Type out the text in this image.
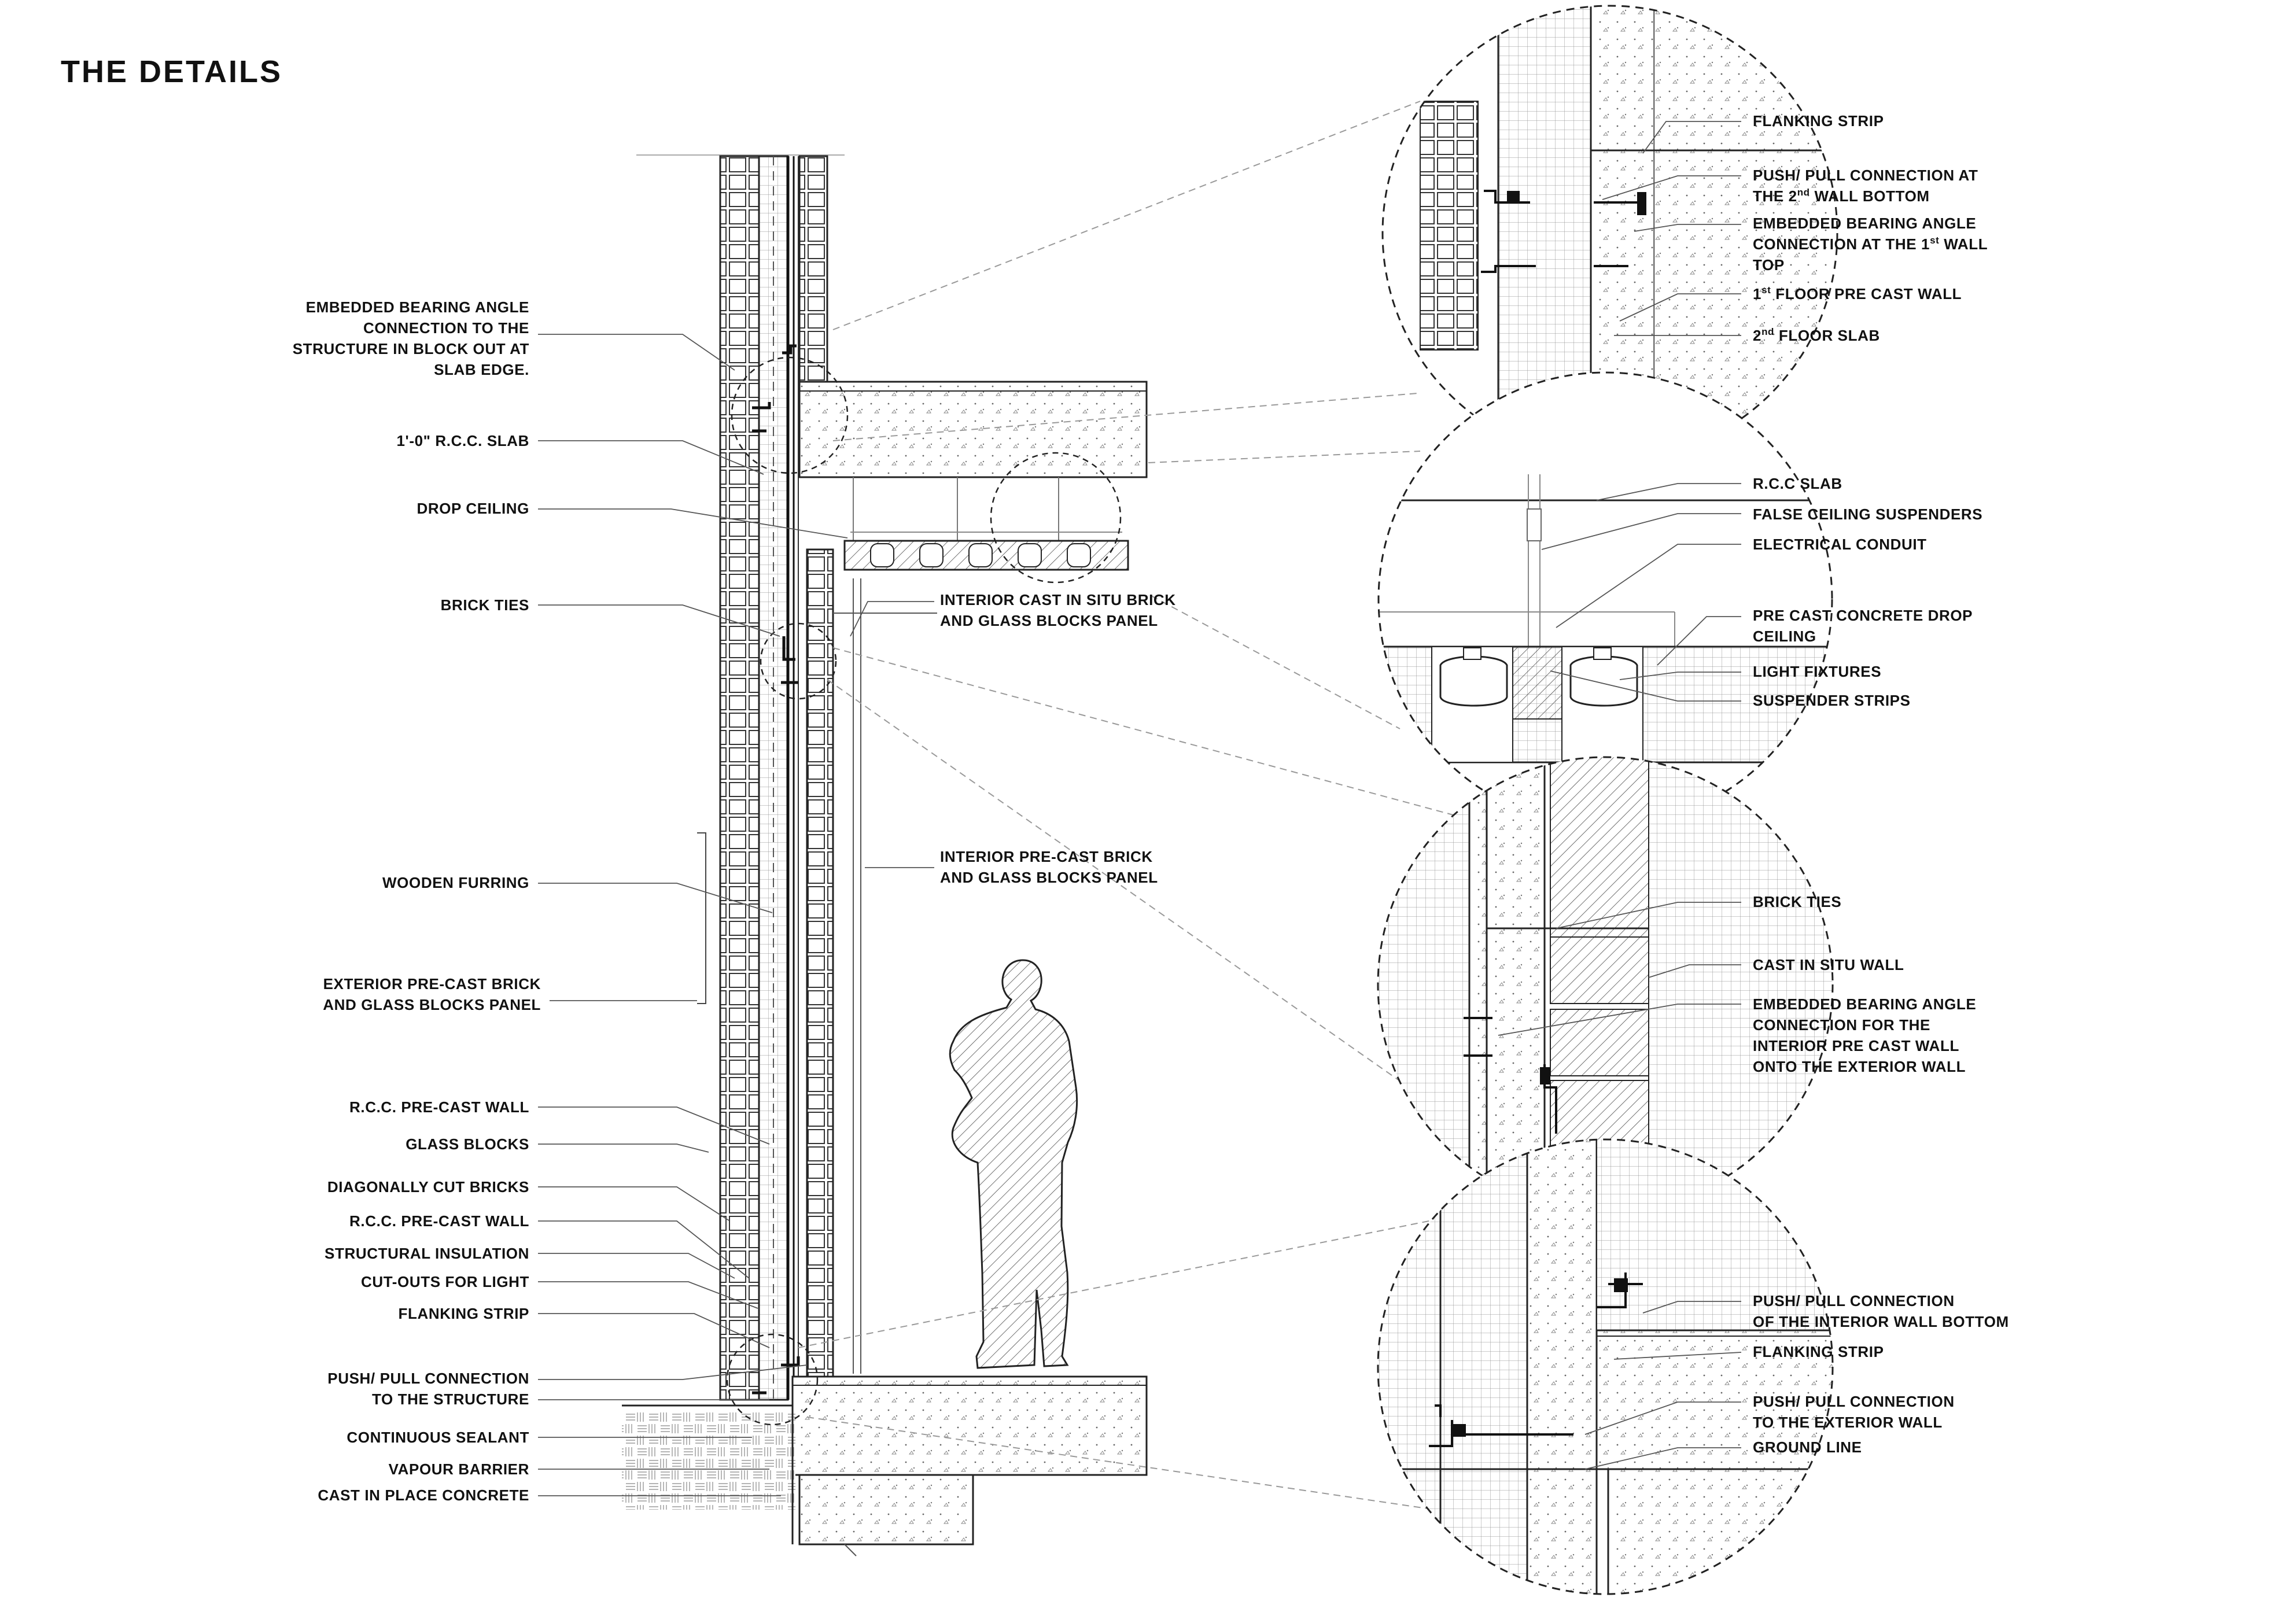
THE DETAILS
EMBEDDED BEARING ANGLE
CONNECTION TO THE
STRUCTURE IN BLOCK OUT AT
SLAB EDGE.
1'-0" R.C.C. SLAB
DROP CEILING
BRICK TIES
WOODEN FURRING
EXTERIOR PRE-CAST BRICK
AND GLASS BLOCKS PANEL
R.C.C. PRE-CAST WALL
GLASS BLOCKS
DIAGONALLY CUT BRICKS
R.C.C. PRE-CAST WALL
STRUCTURAL INSULATION
CUT-OUTS FOR LIGHT
FLANKING STRIP
PUSH/ PULL CONNECTION
TO THE STRUCTURE
CONTINUOUS SEALANT
VAPOUR BARRIER
CAST IN PLACE CONCRETE
INTERIOR CAST IN SITU BRICK
AND GLASS BLOCKS PANEL
INTERIOR PRE-CAST BRICK
AND GLASS BLOCKS PANEL
FLANKING STRIP
PUSH/ PULL CONNECTION AT
THE 2nd WALL BOTTOM
EMBEDDED BEARING ANGLE
CONNECTION AT THE 1st WALL
TOP
1st FLOOR PRE CAST WALL
2nd FLOOR SLAB
R.C.C SLAB
FALSE CEILING SUSPENDERS
ELECTRICAL CONDUIT
PRE CAST CONCRETE DROP
CEILING
LIGHT FIXTURES
SUSPENDER STRIPS
BRICK TIES
CAST IN SITU WALL
EMBEDDED BEARING ANGLE
CONNECTION FOR THE
INTERIOR PRE CAST WALL
ONTO THE EXTERIOR WALL
PUSH/ PULL CONNECTION
OF THE INTERIOR WALL BOTTOM
FLANKING STRIP
PUSH/ PULL CONNECTION
TO THE EXTERIOR WALL
GROUND LINE
